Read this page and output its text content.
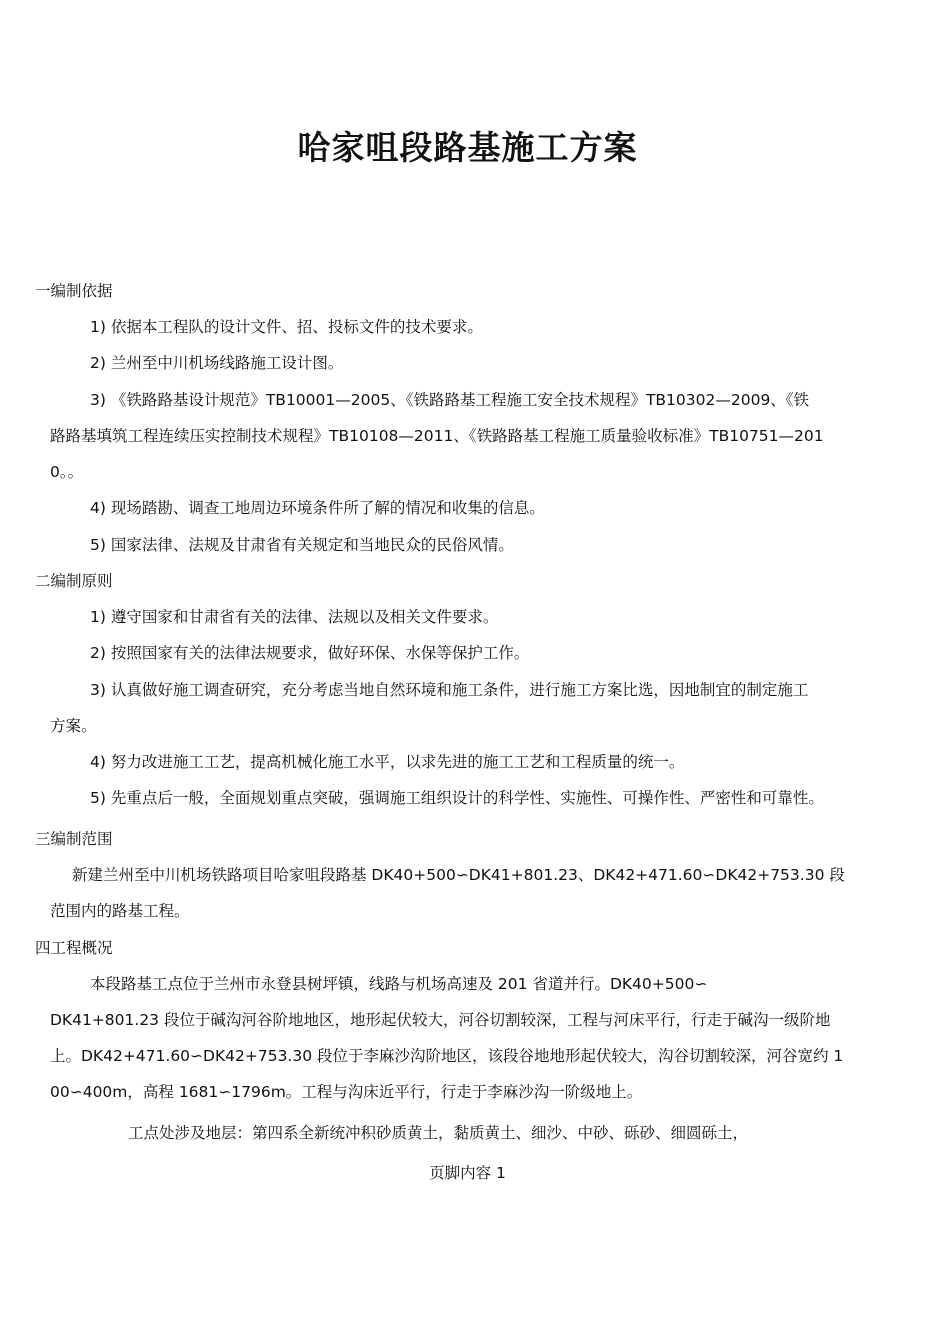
哈家咀段路基施工方案
一编制依据
1) 依据本工程队的设计文件、招、投标文件的技术要求。
2) 兰州至中川机场线路施工设计图。
3) 《铁路路基设计规范》TB10001—2005、《铁路路基工程施工安全技术规程》TB10302—2009、《铁
路路基填筑工程连续压实控制技术规程》TB10108—2011、《铁路路基工程施工质量验收标准》TB10751—201
0。。
4) 现场踏勘、调查工地周边环境条件所了解的情况和收集的信息。
5) 国家法律、法规及甘肃省有关规定和当地民众的民俗风情。
二编制原则
1) 遵守国家和甘肃省有关的法律、法规以及相关文件要求。
2) 按照国家有关的法律法规要求，做好环保、水保等保护工作。
3) 认真做好施工调查研究，充分考虑当地自然环境和施工条件，进行施工方案比选，因地制宜的制定施工
方案。
4) 努力改进施工工艺，提高机械化施工水平，以求先进的施工工艺和工程质量的统一。
5) 先重点后一般，全面规划重点突破，强调施工组织设计的科学性、实施性、可操作性、严密性和可靠性。
三编制范围
新建兰州至中川机场铁路项目哈家咀段路基 DK40+500∽DK41+801.23、DK42+471.60∽DK42+753.30 段
范围内的路基工程。
四工程概况
本段路基工点位于兰州市永登县树坪镇，线路与机场高速及 201 省道并行。DK40+500∽
DK41+801.23 段位于碱沟河谷阶地地区，地形起伏较大，河谷切割较深，工程与河床平行，行走于碱沟一级阶地
上。DK42+471.60∽DK42+753.30 段位于李麻沙沟阶地区，该段谷地地形起伏较大，沟谷切割较深，河谷宽约 1
00∽400m，高程 1681∽1796m。工程与沟床近平行，行走于李麻沙沟一阶级地上。
工点处涉及地层：第四系全新统冲积砂质黄土，黏质黄土、细沙、中砂、砾砂、细圆砾土，
页脚内容 1
